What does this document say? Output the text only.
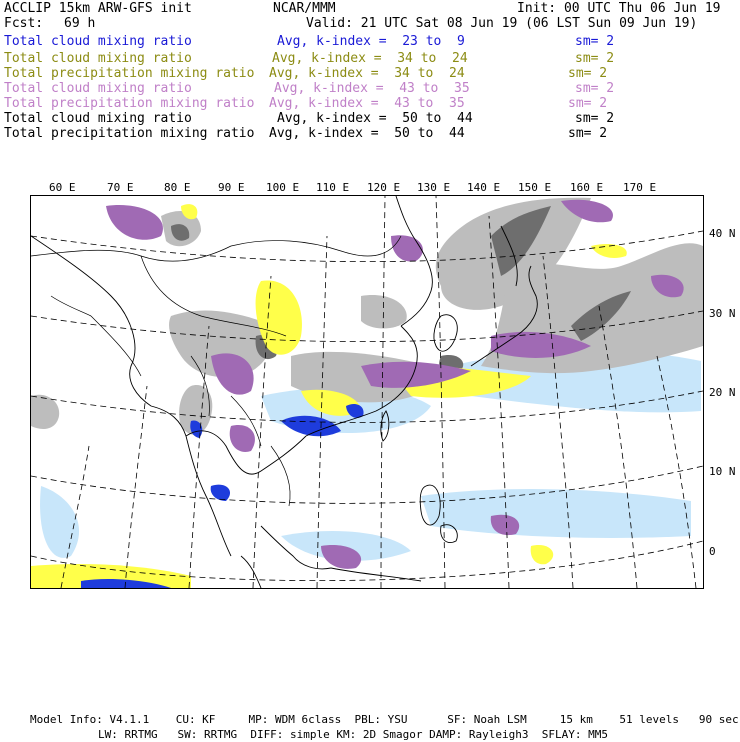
ACCLIP 15km ARW-GFS init	NCAR/MMM	Init: 00 UTC Thu 06 Jun 19
Fcst: 69 h	Valid: 21 UTC Sat 08 Jun 19 (06 LST Sun 09 Jun 19)
Total cloud mixing ratio	Avg, k-index =  23 to  9	sm= 2
Total cloud mixing ratio	Avg, k-index =  34 to  24	sm= 2
Total precipitation mixing ratio Avg, k-index =  34 to  24	sm= 2
Total cloud mixing ratio	Avg, k-index =  43 to  35	sm= 2
Total precipitation mixing ratio Avg, k-index =  43 to  35	sm= 2
Total cloud mixing ratio	Avg, k-index =  50 to  44	sm= 2
Total precipitation mixing ratio Avg, k-index =  50 to  44	sm= 2
60 E	70 E	80 E	90 E 100 E 110 E 120 E 130 E 140 E 150 E 160 E 170 E
40 N
30 N
20 N
10 N
0
Model Info: V4.1.1    CU: KF     MP: WDM 6class  PBL: YSU      SF: Noah LSM     15 km    51 levels   90 sec
LW: RRTMG   SW: RRTMG  DIFF: simple KM: 2D Smagor DAMP: Rayleigh3  SFLAY: MM5
